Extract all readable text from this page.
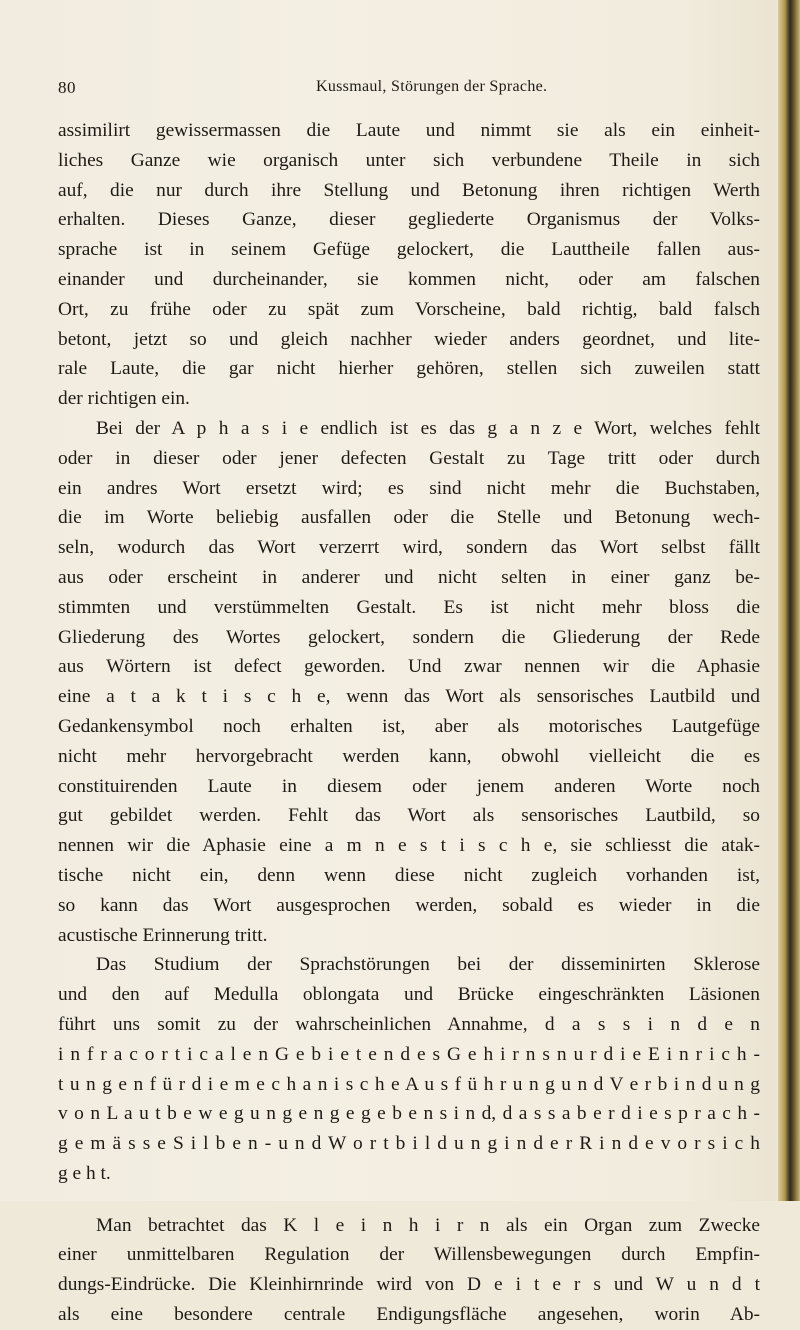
80	Kussmaul, Störungen der Sprache.
assimilirt gewissermassen die Laute und nimmt sie als ein einheit-
liches Ganze wie organisch unter sich verbundene Theile in sich
auf, die nur durch ihre Stellung und Betonung ihren richtigen Werth
erhalten. Dieses Ganze, dieser gegliederte Organismus der Volks-
sprache ist in seinem Gefüge gelockert, die Lauttheile fallen aus-
einander und durcheinander, sie kommen nicht, oder am falschen
Ort, zu frühe oder zu spät zum Vorscheine, bald richtig, bald falsch
betont, jetzt so und gleich nachher wieder anders geordnet, und lite-
rale Laute, die gar nicht hierher gehören, stellen sich zuweilen statt
der richtigen ein.
Bei der A p h a s i e endlich ist es das g a n z e Wort, welches fehlt
oder in dieser oder jener defecten Gestalt zu Tage tritt oder durch
ein andres Wort ersetzt wird; es sind nicht mehr die Buchstaben,
die im Worte beliebig ausfallen oder die Stelle und Betonung wech-
seln, wodurch das Wort verzerrt wird, sondern das Wort selbst fällt
aus oder erscheint in anderer und nicht selten in einer ganz be-
stimmten und verstümmelten Gestalt. Es ist nicht mehr bloss die
Gliederung des Wortes gelockert, sondern die Gliederung der Rede
aus Wörtern ist defect geworden. Und zwar nennen wir die Aphasie
eine a t a k t i s c h e, wenn das Wort als sensorisches Lautbild und
Gedankensymbol noch erhalten ist, aber als motorisches Lautgefüge
nicht mehr hervorgebracht werden kann, obwohl vielleicht die es
constituirenden Laute in diesem oder jenem anderen Worte noch
gut gebildet werden. Fehlt das Wort als sensorisches Lautbild, so
nennen wir die Aphasie eine a m n e s t i s c h e, sie schliesst die atak-
tische nicht ein, denn wenn diese nicht zugleich vorhanden ist,
so kann das Wort ausgesprochen werden, sobald es wieder in die
acustische Erinnerung tritt.
Das Studium der Sprachstörungen bei der disseminirten Sklerose
und den auf Medulla oblongata und Brücke eingeschränkten Läsionen
führt uns somit zu der wahrscheinlichen Annahme, d a s s i n d e n
i n f r a c o r t i c a l e n G e b i e t e n d e s G e h i r n s n u r d i e E i n r i c h -
t u n g e n f ü r d i e m e c h a n i s c h e A u s f ü h r u n g u n d V e r b i n d u n g
v o n L a u t b e w e g u n g e n g e g e b e n s i n d, d a s s a b e r d i e s p r a c h -
g e m ä s s e S i l b e n - u n d W o r t b i l d u n g i n d e r R i n d e v o r s i c h
g e h t.
Man betrachtet das K l e i n h i r n als ein Organ zum Zwecke
einer unmittelbaren Regulation der Willensbewegungen durch Empfin-
dungs-Eindrücke. Die Kleinhirnrinde wird von D e i t e r s und W u n d t
als eine besondere centrale Endigungsfläche angesehen, worin Ab-
